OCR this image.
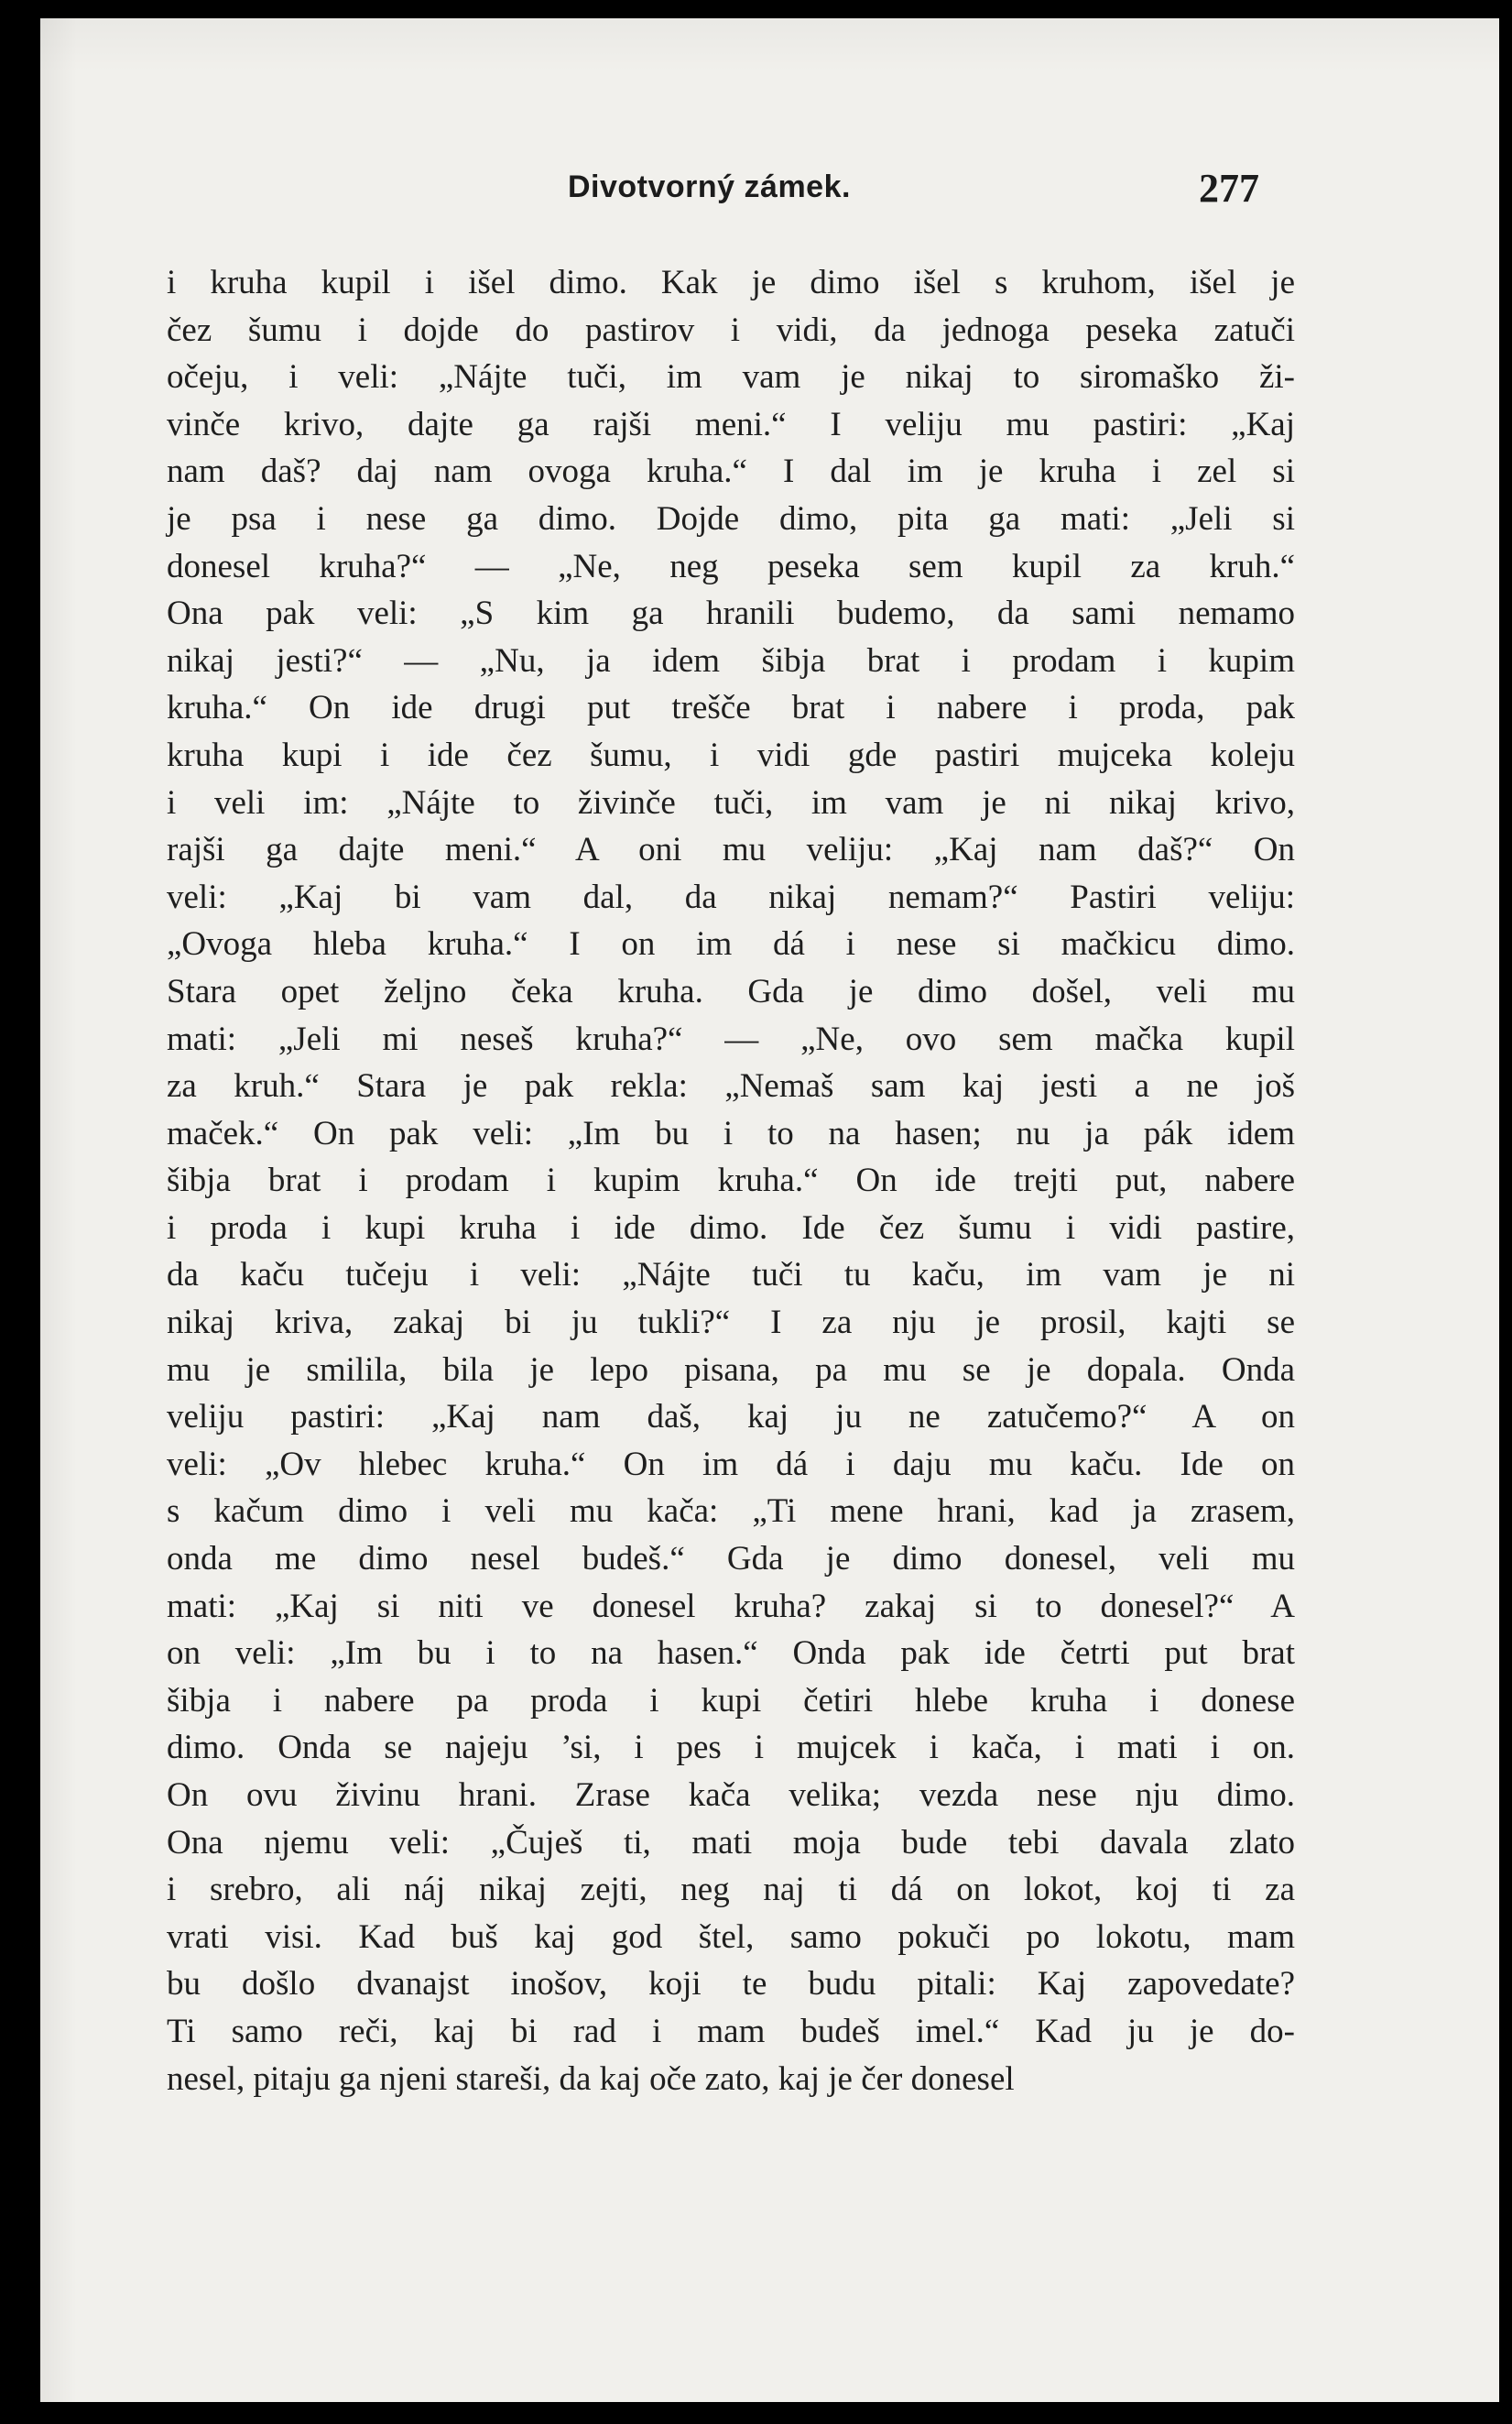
Divotvorný zámek.	277
i kruha kupil i išel dimo. Kak je dimo išel s kruhom, išel je
čez šumu i dojde do pastirov i vidi, da jednoga peseka zatuči
očeju, i veli: „Nájte tuči, im vam je nikaj to siromaško ži-
vinče krivo, dajte ga rajši meni.“ I veliju mu pastiri: „Kaj
nam daš? daj nam ovoga kruha.“ I dal im je kruha i zel si
je psa i nese ga dimo. Dojde dimo, pita ga mati: „Jeli si
donesel kruha?“ — „Ne, neg peseka sem kupil za kruh.“
Ona pak veli: „S kim ga hranili budemo, da sami nemamo
nikaj jesti?“ — „Nu, ja idem šibja brat i prodam i kupim
kruha.“ On ide drugi put trešče brat i nabere i proda, pak
kruha kupi i ide čez šumu, i vidi gde pastiri mujceka koleju
i veli im: „Nájte to živinče tuči, im vam je ni nikaj krivo,
rajši ga dajte meni.“ A oni mu veliju: „Kaj nam daš?“ On
veli: „Kaj bi vam dal, da nikaj nemam?“ Pastiri veliju:
„Ovoga hleba kruha.“ I on im dá i nese si mačkicu dimo.
Stara opet željno čeka kruha. Gda je dimo došel, veli mu
mati: „Jeli mi neseš kruha?“ — „Ne, ovo sem mačka kupil
za kruh.“ Stara je pak rekla: „Nemaš sam kaj jesti a ne još
maček.“ On pak veli: „Im bu i to na hasen; nu ja pák idem
šibja brat i prodam i kupim kruha.“ On ide trejti put, nabere
i proda i kupi kruha i ide dimo. Ide čez šumu i vidi pastire,
da kaču tučeju i veli: „Nájte tuči tu kaču, im vam je ni
nikaj kriva, zakaj bi ju tukli?“ I za nju je prosil, kajti se
mu je smilila, bila je lepo pisana, pa mu se je dopala. Onda
veliju pastiri: „Kaj nam daš, kaj ju ne zatučemo?“ A on
veli: „Ov hlebec kruha.“ On im dá i daju mu kaču. Ide on
s kačum dimo i veli mu kača: „Ti mene hrani, kad ja zrasem,
onda me dimo nesel budeš.“ Gda je dimo donesel, veli mu
mati: „Kaj si niti ve donesel kruha? zakaj si to donesel?“ A
on veli: „Im bu i to na hasen.“ Onda pak ide četrti put brat
šibja i nabere pa proda i kupi četiri hlebe kruha i donese
dimo. Onda se najeju ’si, i pes i mujcek i kača, i mati i on.
On ovu živinu hrani. Zrase kača velika; vezda nese nju dimo.
Ona njemu veli: „Čuješ ti, mati moja bude tebi davala zlato
i srebro, ali náj nikaj zejti, neg naj ti dá on lokot, koj ti za
vrati visi. Kad buš kaj god štel, samo pokuči po lokotu, mam
bu došlo dvanajst inošov, koji te budu pitali: Kaj zapovedate?
Ti samo reči, kaj bi rad i mam budeš imel.“ Kad ju je do-
nesel, pitaju ga njeni stareši, da kaj oče zato, kaj je čer donesel
